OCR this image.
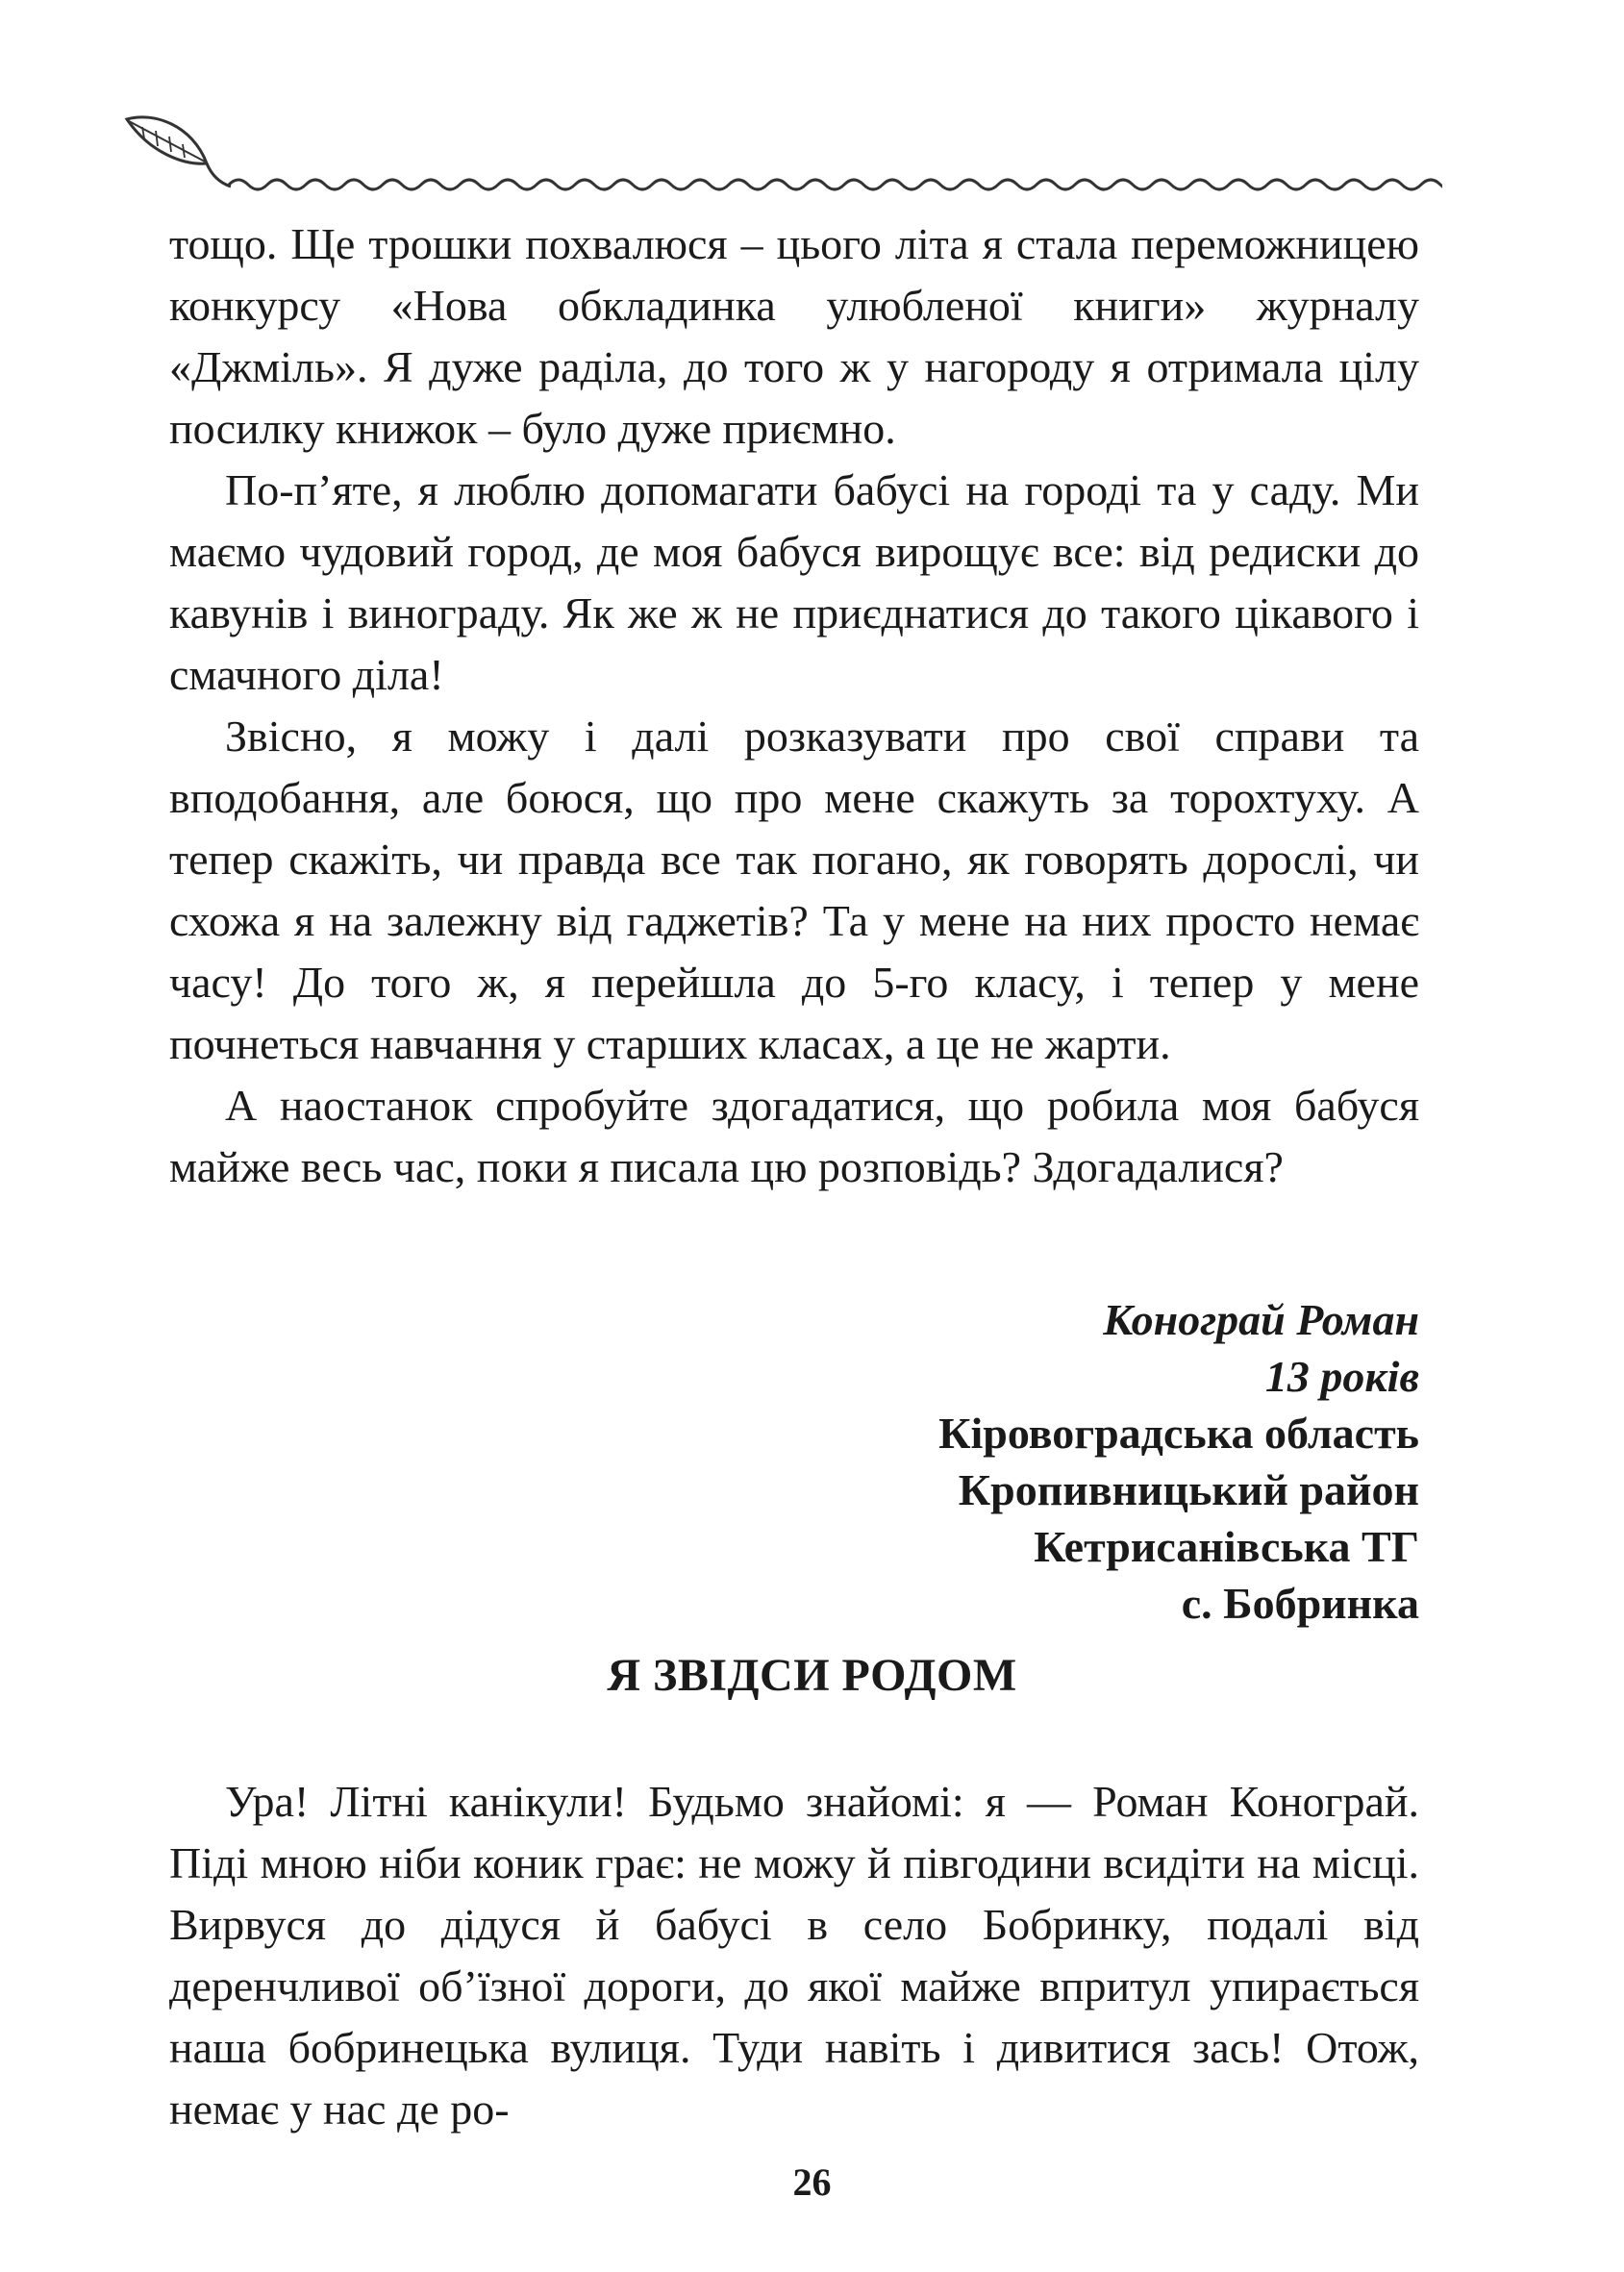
тощо. Ще трошки похвалюся – цього літа я стала переможницею конкурсу «Нова обкладинка улюбленої книги» журналу «Джміль». Я дуже раділа, до того ж у нагороду я отримала цілу посилку книжок – було дуже приємно.

По-п’яте, я люблю допомагати бабусі на городі та у саду. Ми маємо чудовий город, де моя бабуся вирощує все: від редиски до кавунів і винограду. Як же ж не приєднатися до такого цікавого і смачного діла!

Звісно, я можу і далі розказувати про свої справи та вподобання, але боюся, що про мене скажуть за торохтуху. А тепер скажіть, чи правда все так погано, як говорять дорослі, чи схожа я на залежну від гаджетів? Та у мене на них просто немає часу! До того ж, я перейшла до 5-го класу, і тепер у мене почнеться навчання у старших класах, а це не жарти.

А наостанок спробуйте здогадатися, що робила моя бабуся майже весь час, поки я писала цю розповідь? Здогадалися?

Конограй Роман
13 років
Кіровоградська область
Кропивницький район
Кетрисанівська ТГ
с. Бобринка
Я ЗВІДСИ РОДОМ

Ура! Літні канікули! Будьмо знайомі: я — Роман Конограй. Піді мною ніби коник грає: не можу й півгодини всидіти на місці. Вирвуся до дідуся й бабусі в село Бобринку, подалі від деренчливої об’їзної дороги, до якої майже впритул упирається наша бобринецька вулиця. Туди навіть і дивитися зась! Отож, немає у нас де ро-

26
